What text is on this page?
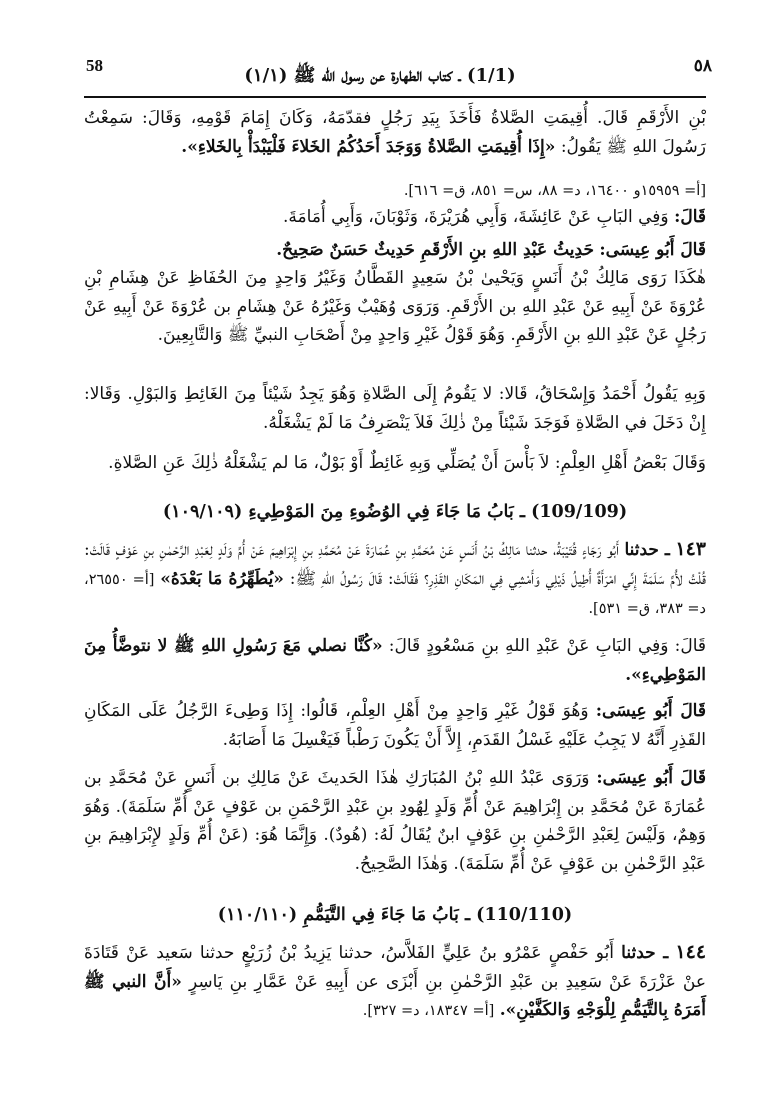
58	٥٨
(1/1) ـ كتاب الطهارة عن رسول الله ﷺ (١/١)
بْنِ الأَرْقَمِ قَالَ. أُقِيمَتِ الصَّلاةُ فَأَخَذَ بِيَدِ رَجُلٍ فقدّمَهُ، وَكَانَ إِمَامَ قَوْمِهِ، وَقَالَ: سَمِعْتُ رَسُولَ اللهِ ﷺ يَقُولُ: «إِذَا أُقِيمَتِ الصَّلاةُ وَوَجَدَ أَحَدُكُمُ الخَلاءَ فَلْيَبْدَأْ بِالخَلاءِ».
[أ= ١٥٩٥٩و ١٦٤٠٠، د= ٨٨، س= ٨٥١، ق= ٦١٦].
قَالَ: وَفِي البَابِ عَنْ عَائِشَةَ، وَأَبِي هُرَيْرَةَ، وَثَوْبَانَ، وَأَبِي أُمَامَةَ.
قَالَ أَبُو عِيسَى: حَدِيثُ عَبْدِ اللهِ بنِ الأَرْقَمِ حَدِيثٌ حَسَنٌ صَحِيحٌ.
هٰكَذَا رَوَى مَالِكُ بْنُ أَنَسٍ وَيَحْيىٰ بْنُ سَعِيدٍ القَطَّانُ وَغَيْرُ وَاحِدٍ مِنَ الحُفَاظِ عَنْ هِشَامِ بْنِ عُرْوَةَ عَنْ أَبِيهِ عَنْ عَبْدِ اللهِ بن الأَرْقَمِ. وَرَوَى وُهَيْبٌ وَغَيْرُهُ عَنْ هِشَامِ بن عُرْوَةَ عَنْ أَبِيهِ عَنْ رَجُلٍ عَنْ عَبْدِ اللهِ بنِ الأَرْقَمِ. وَهُوَ قَوْلُ غَيْرِ وَاحِدٍ مِنْ أَصْحَابِ النبيِّ ﷺ وَالتَّابِعِينَ.
وَبِهِ يَقُولُ أَحْمَدُ وَإِسْحَاقُ، قَالا: لا يَقُومُ إِلَى الصَّلاةِ وَهُوَ يَجِدُ شَيْئاً مِنَ الغَائِطِ وَالبَوْلِ. وَقَالا: إِنْ دَخَلَ في الصَّلاةِ فَوَجَدَ شَيْئاً مِنْ ذٰلِكَ فَلاَ يَنْصَرِفُ مَا لَمْ يَشْغَلْهُ.
وَقَالَ بَعْضُ أَهْلِ العِلْمِ: لاَ بَأْسَ أَنْ يُصَلِّي وَبِهِ غَائِطٌ أَوْ بَوْلٌ، مَا لم يَشْغَلْهُ ذٰلِكَ عَنِ الصَّلاةِ.
(109/109) ـ بَابُ مَا جَاءَ فِي الوُضُوءِ مِنَ المَوْطِيءِ (١٠٩/١٠٩)
١٤٣ ـ حدثنا أَبُو رَجَاءٍ قُتَيْبَةُ، حدثنا مَالِكُ بْنُ أَنَسٍ عَنْ مُحَمَّدِ بنِ عُمَارَةَ عَنْ مُحَمَّدِ بنِ إِبْرَاهِيمَ عَنْ أُمِّ وَلَدٍ لِعَبْدِ الرَّحْمٰنِ بنِ عَوْفٍ قَالَتْ: قُلْتُ لأُمِّ سَلَمَةَ إِنِّي امْرَأَةٌ أُطِيلُ ذَيْلِي وَأَمْشِي فِي المَكَانِ القَذِرِ؟ فَقَالَتْ: قَالَ رَسُولُ اللهِ ﷺ: «يُطَهِّرُهُ مَا بَعْدَهُ» [أ= ٢٦٥٥٠، د= ٣٨٣، ق= ٥٣١].
قَالَ: وَفِي البَابِ عَنْ عَبْدِ اللهِ بنِ مَسْعُودٍ قَالَ: «كُنَّا نصلي مَعَ رَسُولِ اللهِ ﷺ لا نتوضَّأُ مِنَ المَوْطِيءِ».
قَالَ أَبُو عِيسَى: وَهُوَ قَوْلُ غَيْرِ وَاحِدٍ مِنْ أَهْلِ العِلْمِ، قَالُوا: إِذَا وَطِىءَ الرَّجُلُ عَلَى المَكَانِ القَذِرِ أَنَّهُ لا يَجِبُ عَلَيْهِ غَسْلُ القَدَمِ، إِلاَّ أَنْ يَكُونَ رَطْباً فَيَغْسِلَ مَا أَصَابَهُ.
قَالَ أَبُو عِيسَى: وَرَوَى عَبْدُ اللهِ بْنُ المُبَارَكِ هٰذَا الحَديثَ عَنْ مَالِكِ بن أَنَسٍ عَنْ مُحَمَّدِ بن عُمَارَةَ عَنْ مُحَمَّدِ بن إِبْرَاهِيمَ عَنْ أُمِّ وَلَدٍ لِهُودِ بنِ عَبْدِ الرَّحْمَنِ بن عَوْفٍ عَنْ أُمِّ سَلَمَةَ). وَهُوَ وَهِمٌ، وَلَيْسَ لِعَبْدِ الرَّحْمٰنِ بنِ عَوْفٍ ابنٌ يُقَالُ لَهُ: (هُودٌ). وَإِنَّمَا هُوَ: (عَنْ أُمِّ وَلَدٍ لإِبْرَاهِيمَ بنِ عَبْدِ الرَّحْمٰنِ بن عَوْفٍ عَنْ أُمِّ سَلَمَةَ). وَهٰذَا الصَّحِيحُ.
(110/110) ـ بَابُ مَا جَاءَ فِي التَّيَمُّمِ (١١٠/١١٠)
١٤٤ ـ حدثنا أَبُو حَفْصٍ عَمْرُو بنُ عَلِيٍّ الفَلاَّسُ، حدثنا يَزِيدُ بْنُ زُرَيْعٍ حدثنا سَعيد عَنْ قَتَادَةَ عنْ عَزْرَةَ عَنْ سَعِيدِ بن عَبْدِ الرَّحْمٰنِ بنِ أَبْزَى عن أَبِيهِ عَنْ عَمَّارِ بنِ يَاسِرٍ «أَنَّ النبي ﷺ أَمَرَهُ بِالتَّيَمُّمِ لِلْوَجْهِ وَالكَفَّيْنِ». [أ= ١٨٣٤٧، د= ٣٢٧].
